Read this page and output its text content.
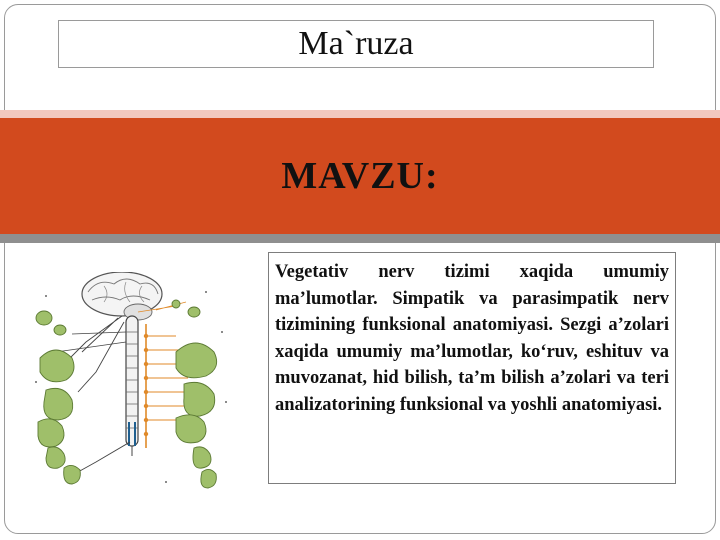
Ma`ruza
MAVZU:

Vegetativ nerv tizimi xaqida umumiy ma’lumotlar. Simpatik va parasimpatik nerv tizimining funksional anatomiyasi. Sezgi a’zolari xaqida umumiy ma’lumotlar, ko‘ruv, eshituv va muvozanat, hid bilish, ta’m bilish a’zolari va teri analizatorining funksional va yoshli anatomiyasi.
